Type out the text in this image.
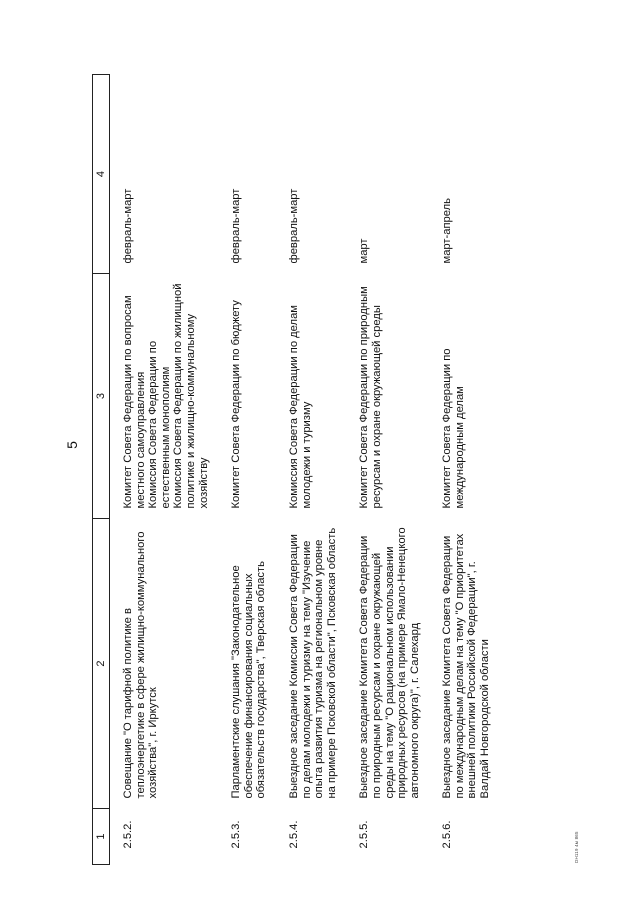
5
1	2	3	4
2.5.2.	Совещание "О тарифной политике в теплоэнергетике в сфере жилищно-коммунального хозяйства", г. Иркутск	Комитет Совета Федерации по вопросам местного самоуправления
Комиссия Совета Федерации по естественным монополиям
Комиссия Совета Федерации по жилищной политике и жилищно-коммунальному хозяйству	февраль-март
2.5.3.	Парламентские слушания "Законодательное обеспечение финансирования социальных обязательств государства", Тверская область	Комитет Совета Федерации по бюджету	февраль-март
2.5.4.	Выездное заседание Комиссии Совета Федерации по делам молодежи и туризму на тему "Изучение опыта развития туризма на региональном уровне на примере Псковской области", Псковская область	Комиссия Совета Федерации по делам молодежи и туризму	февраль-март
2.5.5.	Выездное заседание Комитета Совета Федерации по природным ресурсам и охране окружающей среды на тему "О рациональном использовании природных ресурсов (на примере Ямало-Ненецкого автономного округа)", г. Салехард	Комитет Совета Федерации по природным ресурсам и охране окружающей среды	март
2.5.6.	Выездное заседание Комитета Совета Федерации по международным делам на тему "О приоритетах внешней политики Российской Федерации", г. Валдай Новгородской области	Комитет Совета Федерации по международным делам	март-апрель
DH119 4м 865
